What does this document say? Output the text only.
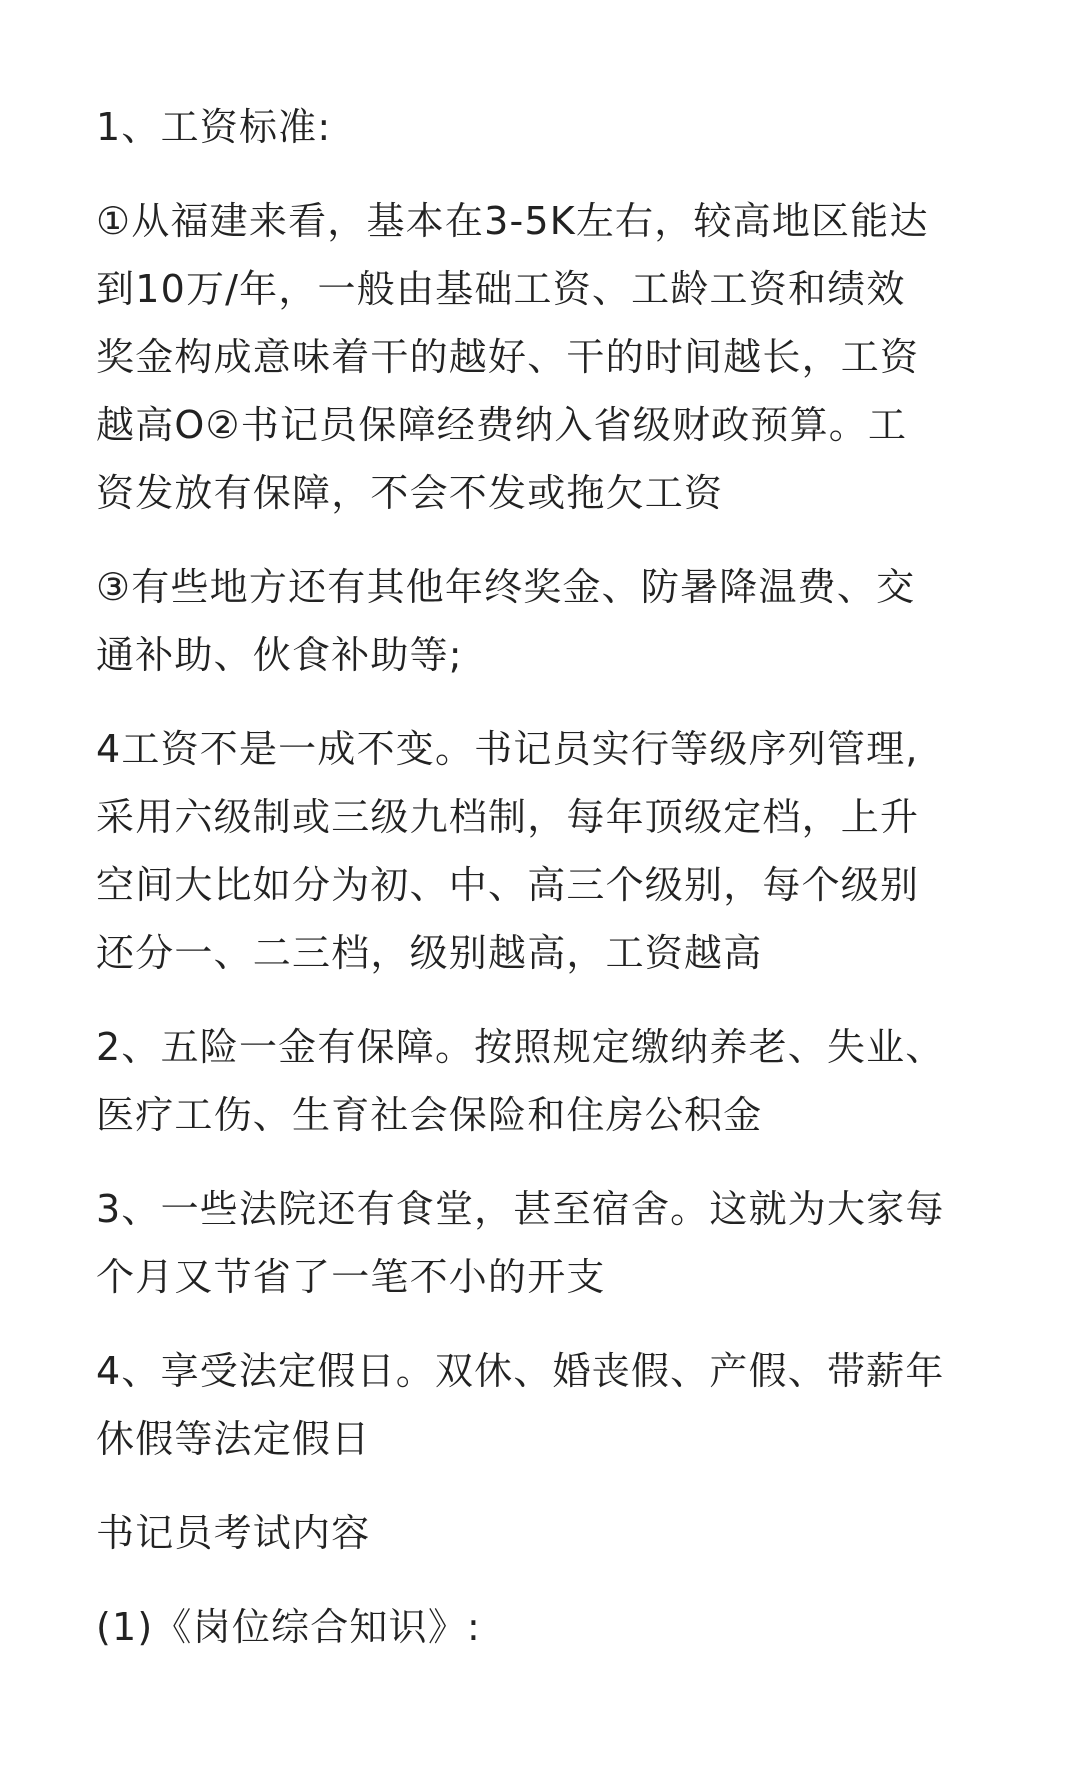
1、工资标准:

①从福建来看，基本在3-5K左右，较高地区能达
到10万/年，一般由基础工资、工龄工资和绩效
奖金构成意味着干的越好、干的时间越长，工资
越高O②书记员保障经费纳入省级财政预算。工
资发放有保障，不会不发或拖欠工资

③有些地方还有其他年终奖金、防暑降温费、交
通补助、伙食补助等;

4工资不是一成不变。书记员实行等级序列管理,
采用六级制或三级九档制，每年顶级定档，上升
空间大比如分为初、中、高三个级别，每个级别
还分一、二三档，级别越高，工资越高

2、五险一金有保障。按照规定缴纳养老、失业、
医疗工伤、生育社会保险和住房公积金

3、一些法院还有食堂，甚至宿舍。这就为大家每
个月又节省了一笔不小的开支

4、享受法定假日。双休、婚丧假、产假、带薪年
休假等法定假日

书记员考试内容

(1)《岗位综合知识》:
